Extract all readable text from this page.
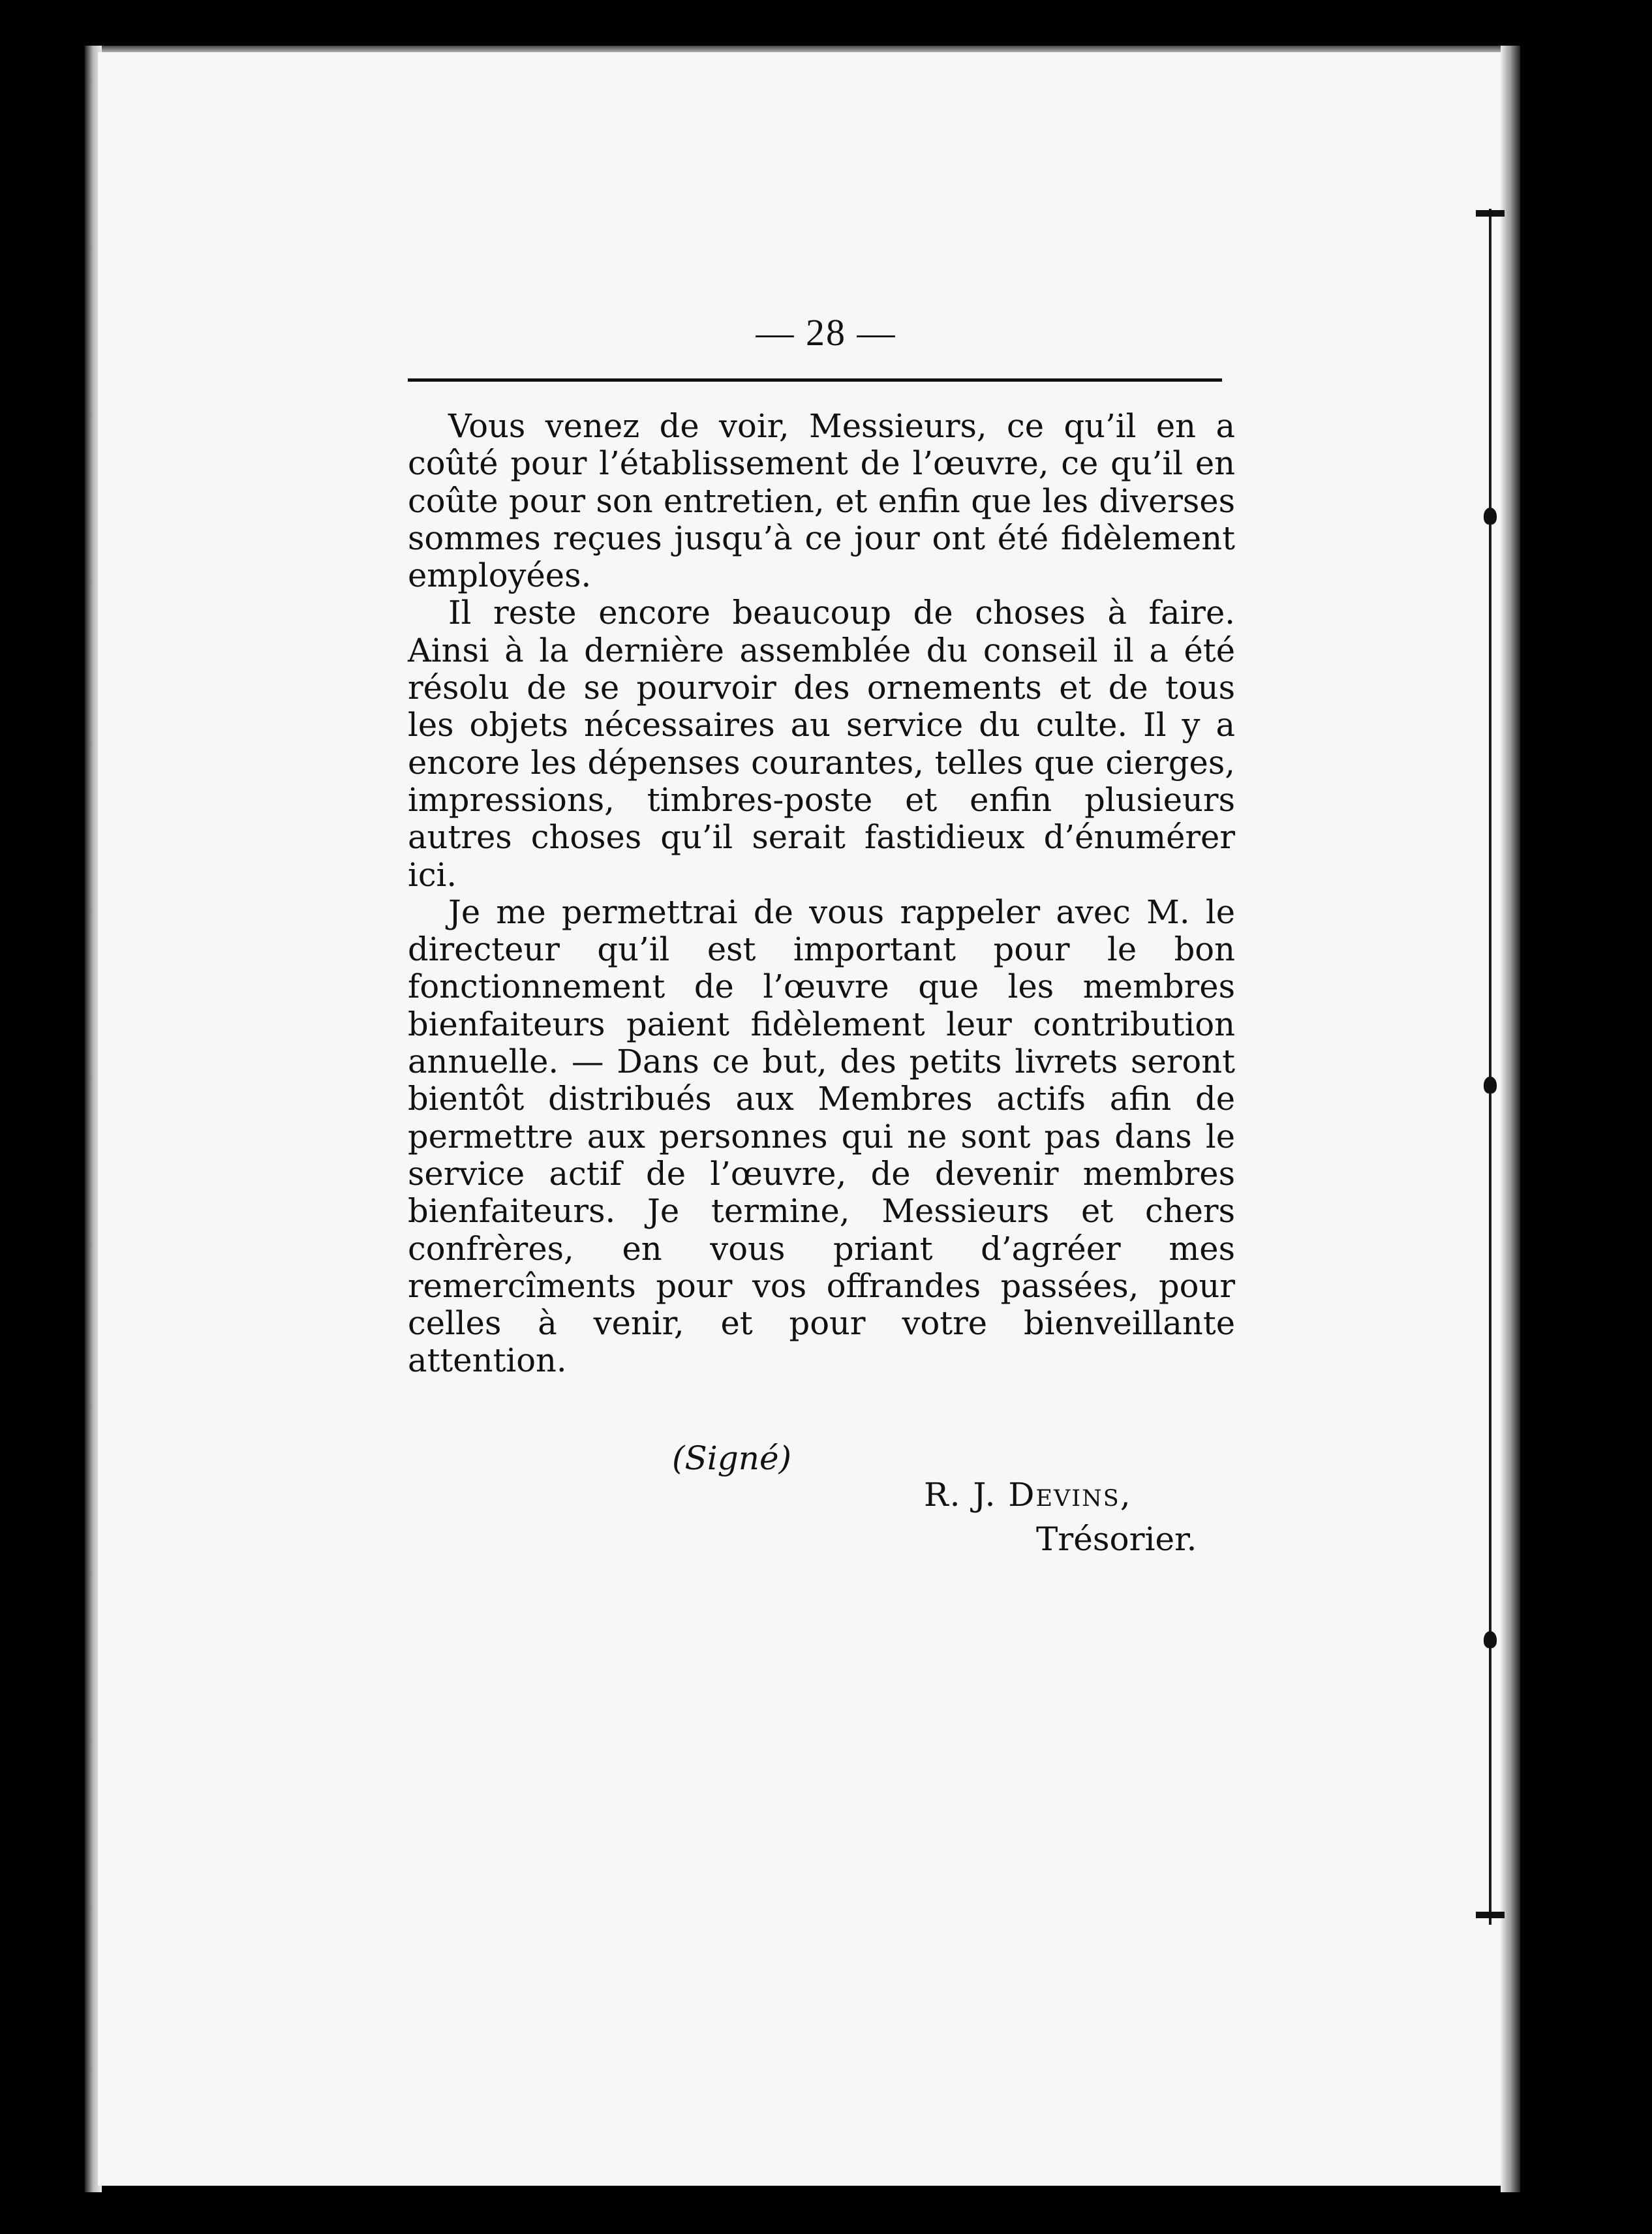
— 28 —

Vous venez de voir, Messieurs, ce qu’il en a coûté pour l’établissement de l’œuvre, ce qu’il en coûte pour son entretien, et enfin que les diverses sommes reçues jusqu’à ce jour ont été fidèlement employées.

Il reste encore beaucoup de choses à faire. Ainsi à la dernière assemblée du conseil il a été résolu de se pourvoir des ornements et de tous les objets nécessaires au service du culte. Il y a encore les dépenses courantes, telles que cierges, impressions, timbres-poste et enfin plusieurs autres choses qu’il serait fastidieux d’énumérer ici.

Je me permettrai de vous rappeler avec M. le directeur qu’il est important pour le bon fonctionnement de l’œuvre que les membres bienfaiteurs paient fidèlement leur contribution annuelle. — Dans ce but, des petits livrets seront bientôt distribués aux Membres actifs afin de permettre aux personnes qui ne sont pas dans le service actif de l’œuvre, de devenir membres bienfaiteurs. Je termine, Messieurs et chers confrères, en vous priant d’agréer mes remercîments pour vos offrandes passées, pour celles à venir, et pour votre bienveillante attention.

(Signé)
R. J. Devins,
Trésorier.
